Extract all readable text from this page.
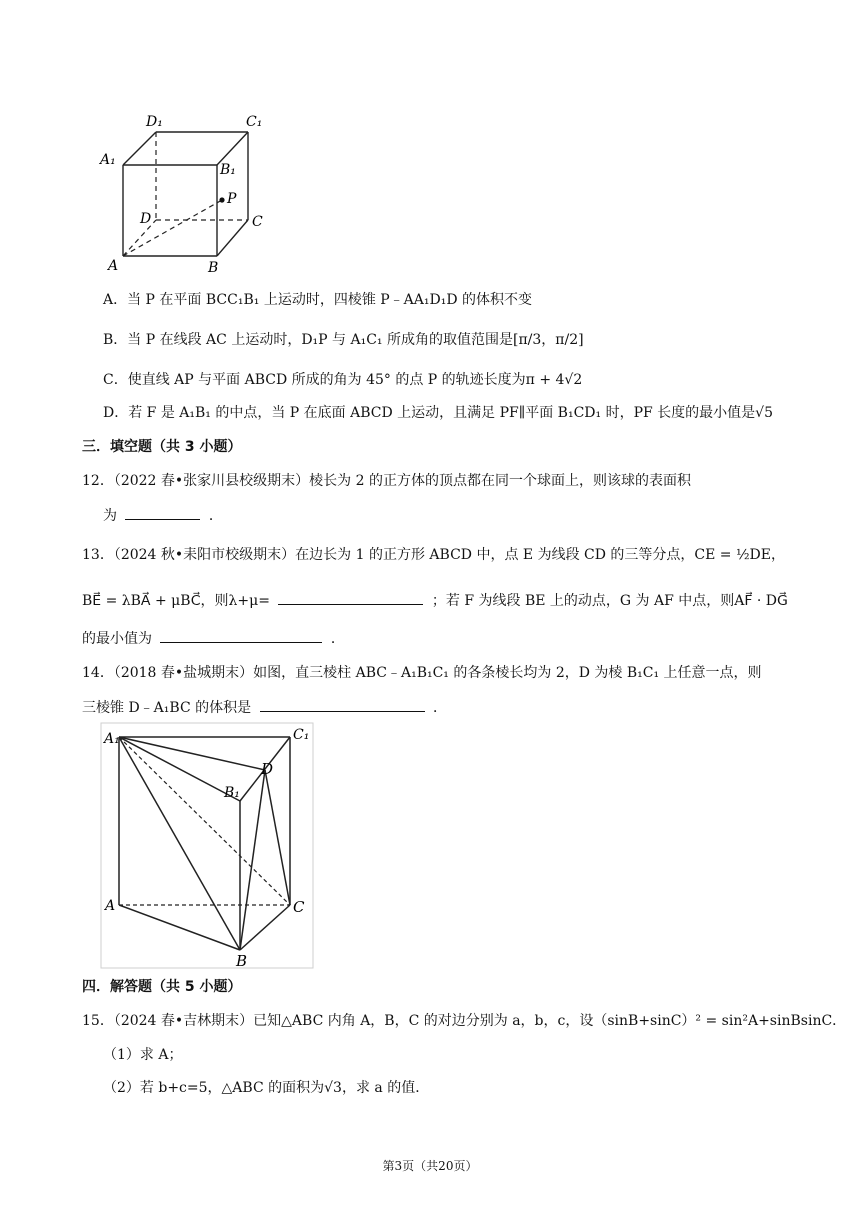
D₁	C₁
A₁
B₁
P
D	C
A	B
A．当 P 在平面 BCC₁B₁ 上运动时，四棱锥 P﹣AA₁D₁D 的体积不变
B．当 P 在线段 AC 上运动时，D₁P 与 A₁C₁ 所成角的取值范围是[π/3，π/2]
C．使直线 AP 与平面 ABCD 所成的角为 45° 的点 P 的轨迹长度为π + 4√2
D．若 F 是 A₁B₁ 的中点，当 P 在底面 ABCD 上运动，且满足 PF∥平面 B₁CD₁ 时，PF 长度的最小值是√5
三．填空题（共 3 小题）
12．（2022 春•张家川县校级期末）棱长为 2 的正方体的顶点都在同一个球面上，则该球的表面积
为	．
13．（2024 秋•耒阳市校级期末）在边长为 1 的正方形 ABCD 中，点 E 为线段 CD 的三等分点，CE = ½DE，
BE⃗ = λBA⃗ + μBC⃗，则λ+μ=	；若 F 为线段 BE 上的动点，G 为 AF 中点，则AF⃗ · DG⃗
的最小值为	．
14．（2018 春•盐城期末）如图，直三棱柱 ABC﹣A₁B₁C₁ 的各条棱长均为 2，D 为棱 B₁C₁ 上任意一点，则
三棱锥 D﹣A₁BC 的体积是	．
A₁	C₁
D
B₁
A	C
B
四．解答题（共 5 小题）
15．（2024 春•吉林期末）已知△ABC 内角 A，B，C 的对边分别为 a，b，c，设（sinB+sinC）² = sin²A+sinBsinC．
（1）求 A；
（2）若 b+c=5，△ABC 的面积为√3，求 a 的值．
第3页（共20页）
